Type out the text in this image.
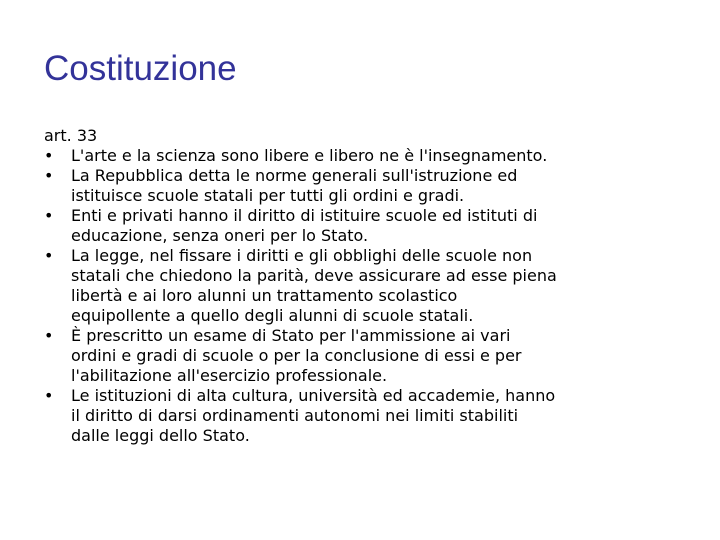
Costituzione

art. 33

•	L'arte e la scienza sono libere e libero ne è l'insegnamento.
•	La Repubblica detta le norme generali sull'istruzione ed
istituisce scuole statali per tutti gli ordini e gradi.
•	Enti e privati hanno il diritto di istituire scuole ed istituti di
educazione, senza oneri per lo Stato.
•	La legge, nel fissare i diritti e gli obblighi delle scuole non
statali che chiedono la parità, deve assicurare ad esse piena
libertà e ai loro alunni un trattamento scolastico
equipollente a quello degli alunni di scuole statali.
•	È prescritto un esame di Stato per l'ammissione ai vari
ordini e gradi di scuole o per la conclusione di essi e per
l'abilitazione all'esercizio professionale.
•	Le istituzioni di alta cultura, università ed accademie, hanno
il diritto di darsi ordinamenti autonomi nei limiti stabiliti
dalle leggi dello Stato.
